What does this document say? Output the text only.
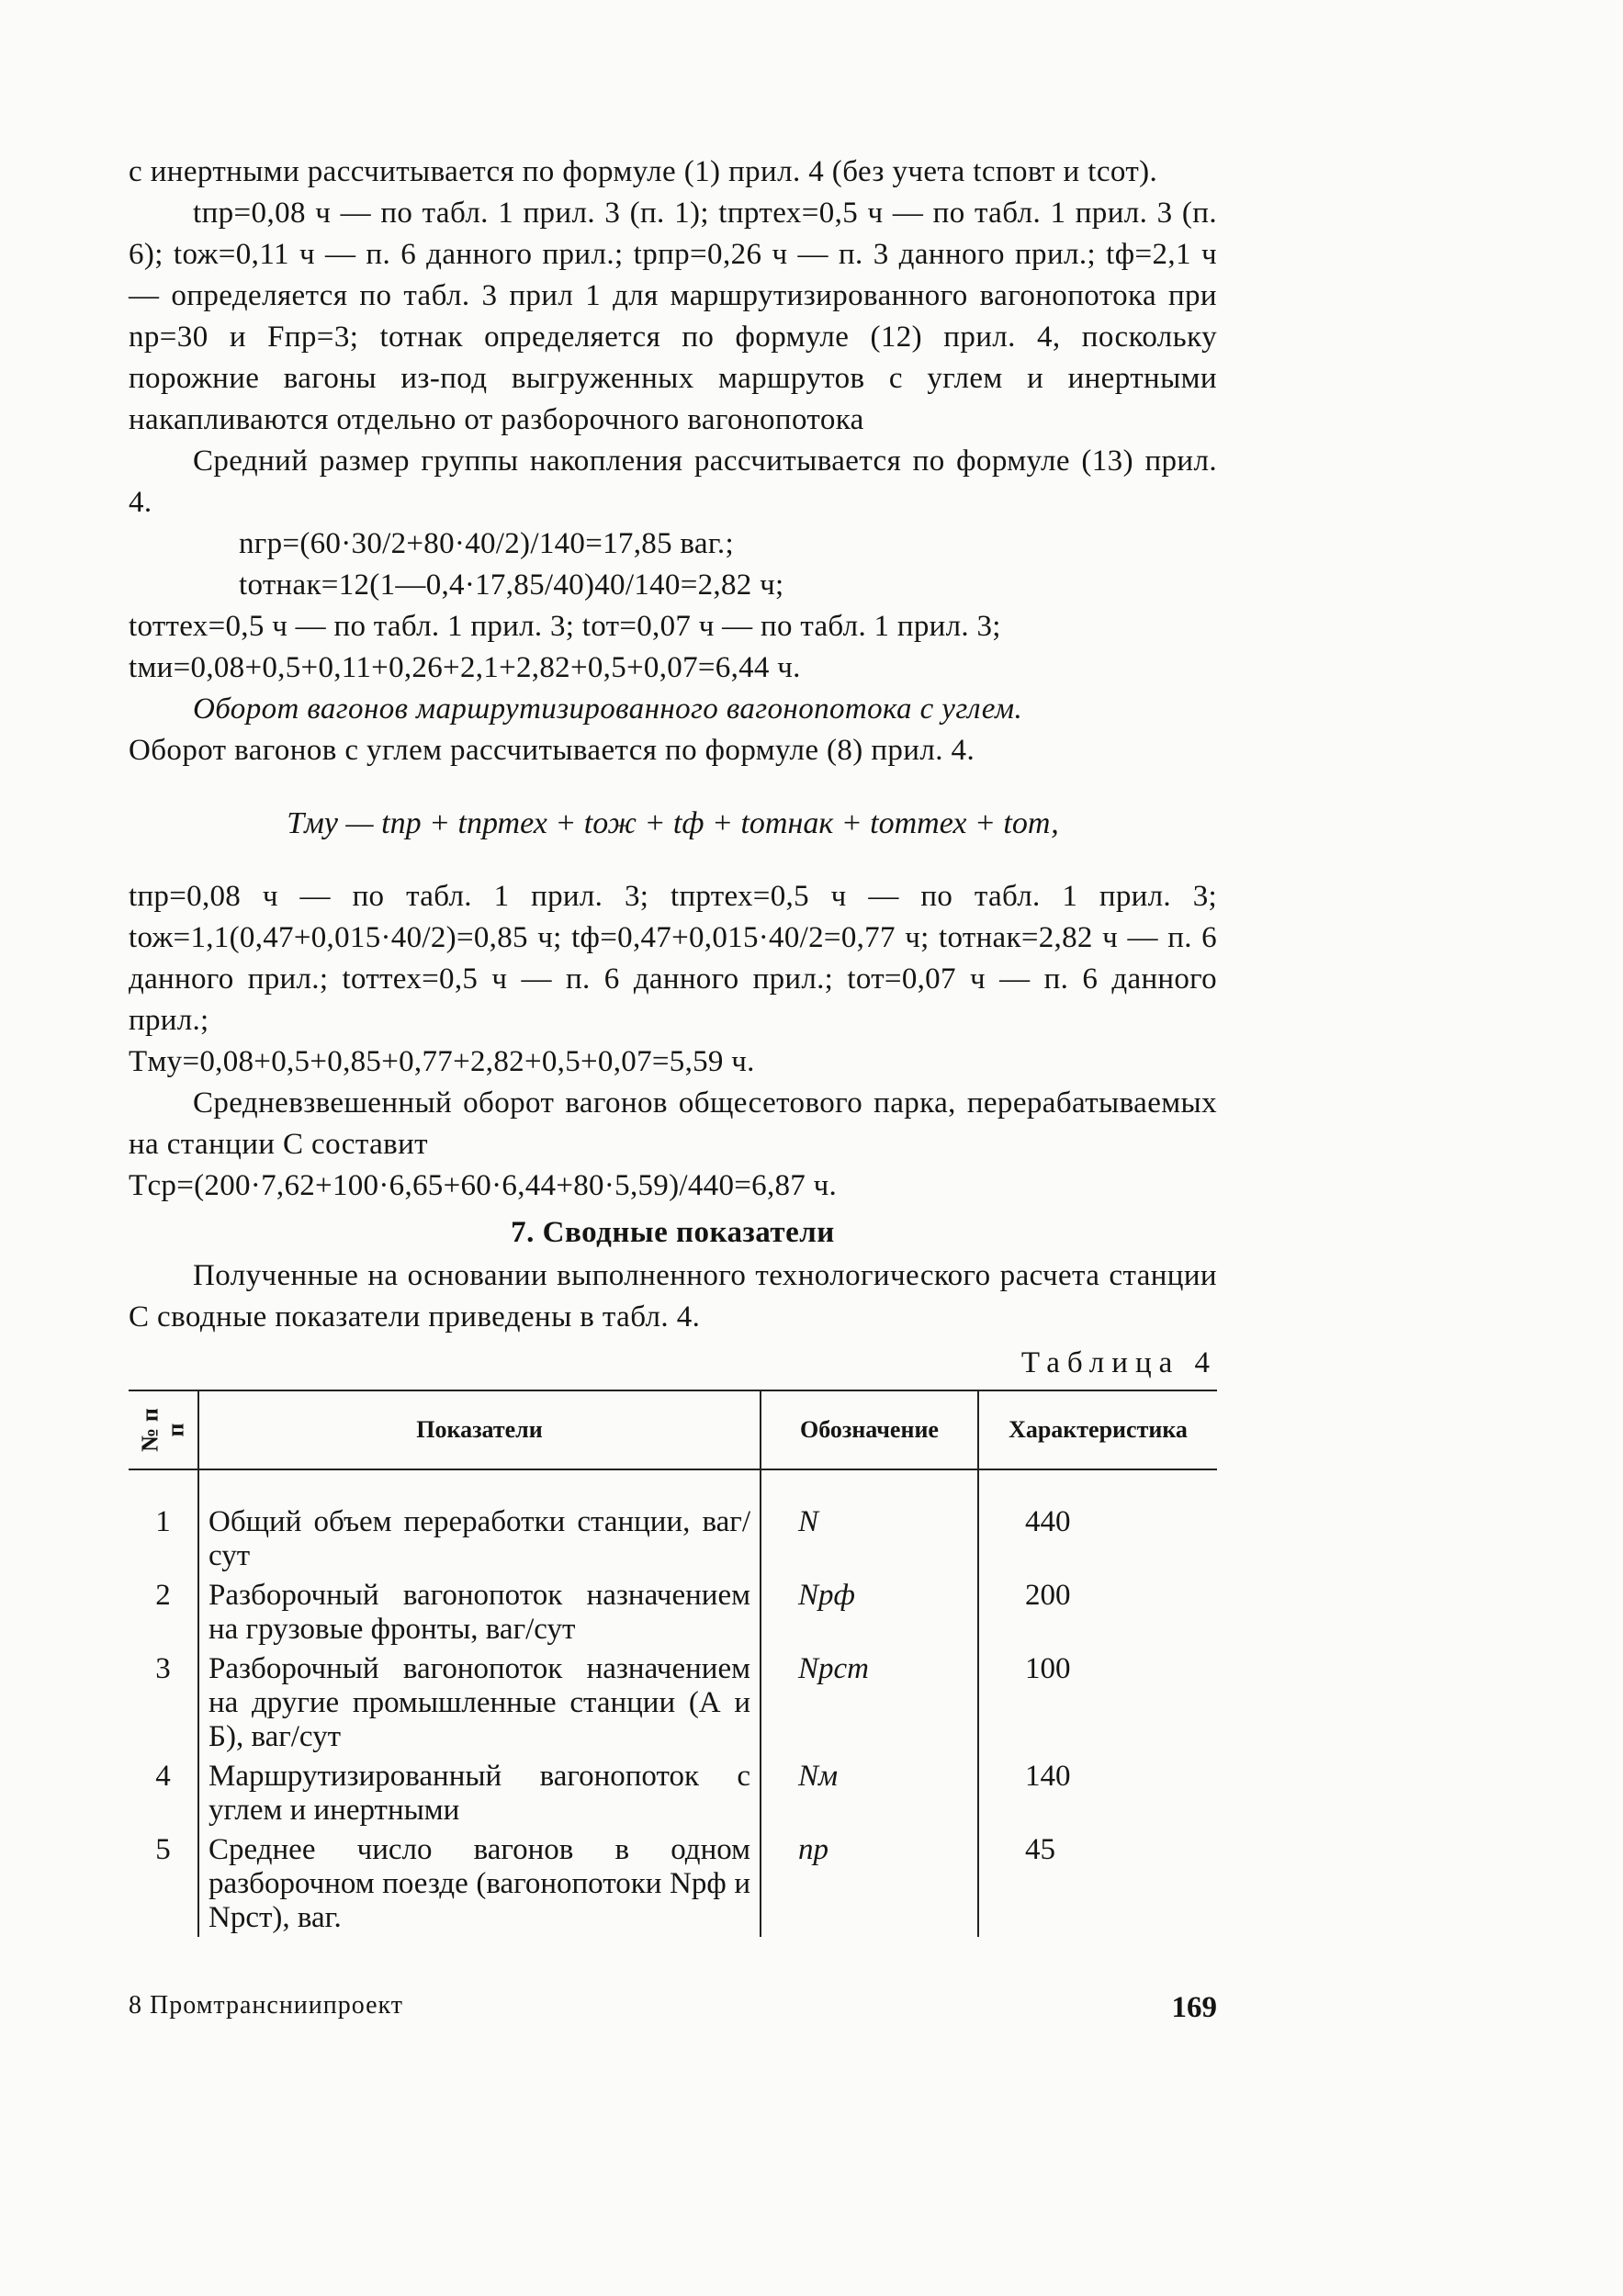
с инертными рассчитывается по формуле (1) прил. 4 (без учета tсповт и tсот).

tпр=0,08 ч — по табл. 1 прил. 3 (п. 1); tпртех=0,5 ч — по табл. 1 прил. 3 (п. 6); tож=0,11 ч — п. 6 данного прил.; tрпр=0,26 ч — п. 3 данного прил.; tф=2,1 ч — определяется по табл. 3 прил 1 для маршрутизированного вагонопотока при nр=30 и Fпр=3; tотнак определяется по формуле (12) прил. 4, поскольку порожние вагоны из-под выгруженных маршрутов с углем и инертными накапливаются отдельно от разборочного вагонопотока

Средний размер группы накопления рассчитывается по формуле (13) прил. 4.

nгр=(60·30/2+80·40/2)/140=17,85 ваг.;

tотнак=12(1—0,4·17,85/40)40/140=2,82 ч;

tоттех=0,5 ч — по табл. 1 прил. 3; tот=0,07 ч — по табл. 1 прил. 3;

tми=0,08+0,5+0,11+0,26+2,1+2,82+0,5+0,07=6,44 ч.

Оборот вагонов маршрутизированного вагонопотока с углем.

Оборот вагонов с углем рассчитывается по формуле (8) прил. 4.

Tму — tпр + tпртех + tож + tф + tотнак + tоттех + tот,

tпр=0,08 ч — по табл. 1 прил. 3; tпртех=0,5 ч — по табл. 1 прил. 3; tож=1,1(0,47+0,015·40/2)=0,85 ч; tф=0,47+0,015·40/2=0,77 ч; tотнак=2,82 ч — п. 6 данного прил.; tоттех=0,5 ч — п. 6 данного прил.; tот=0,07 ч — п. 6 данного прил.;

Tму=0,08+0,5+0,85+0,77+2,82+0,5+0,07=5,59 ч.

Средневзвешенный оборот вагонов общесетового парка, перерабатываемых на станции С составит

Tср=(200·7,62+100·6,65+60·6,44+80·5,59)/440=6,87 ч.

7. Сводные показатели

Полученные на основании выполненного технологического расчета станции С сводные показатели приведены в табл. 4.

Таблица 4
№ п п	Показатели	Обозначение	Характеристика
1	Общий объем переработки станции, ваг/сут	N	440
2	Разборочный вагонопоток назначением на грузовые фронты, ваг/сут	Nрф	200
3	Разборочный вагонопоток назначением на другие промышленные станции (А и Б), ваг/сут	Nрст	100
4	Маршрутизированный вагонопоток с углем и инертными	Nм	140
5	Среднее число вагонов в одном разборочном поезде (вагонопотоки Nрф и Nрст), ваг.	nр	45
8 Промтрансниипроект	169
